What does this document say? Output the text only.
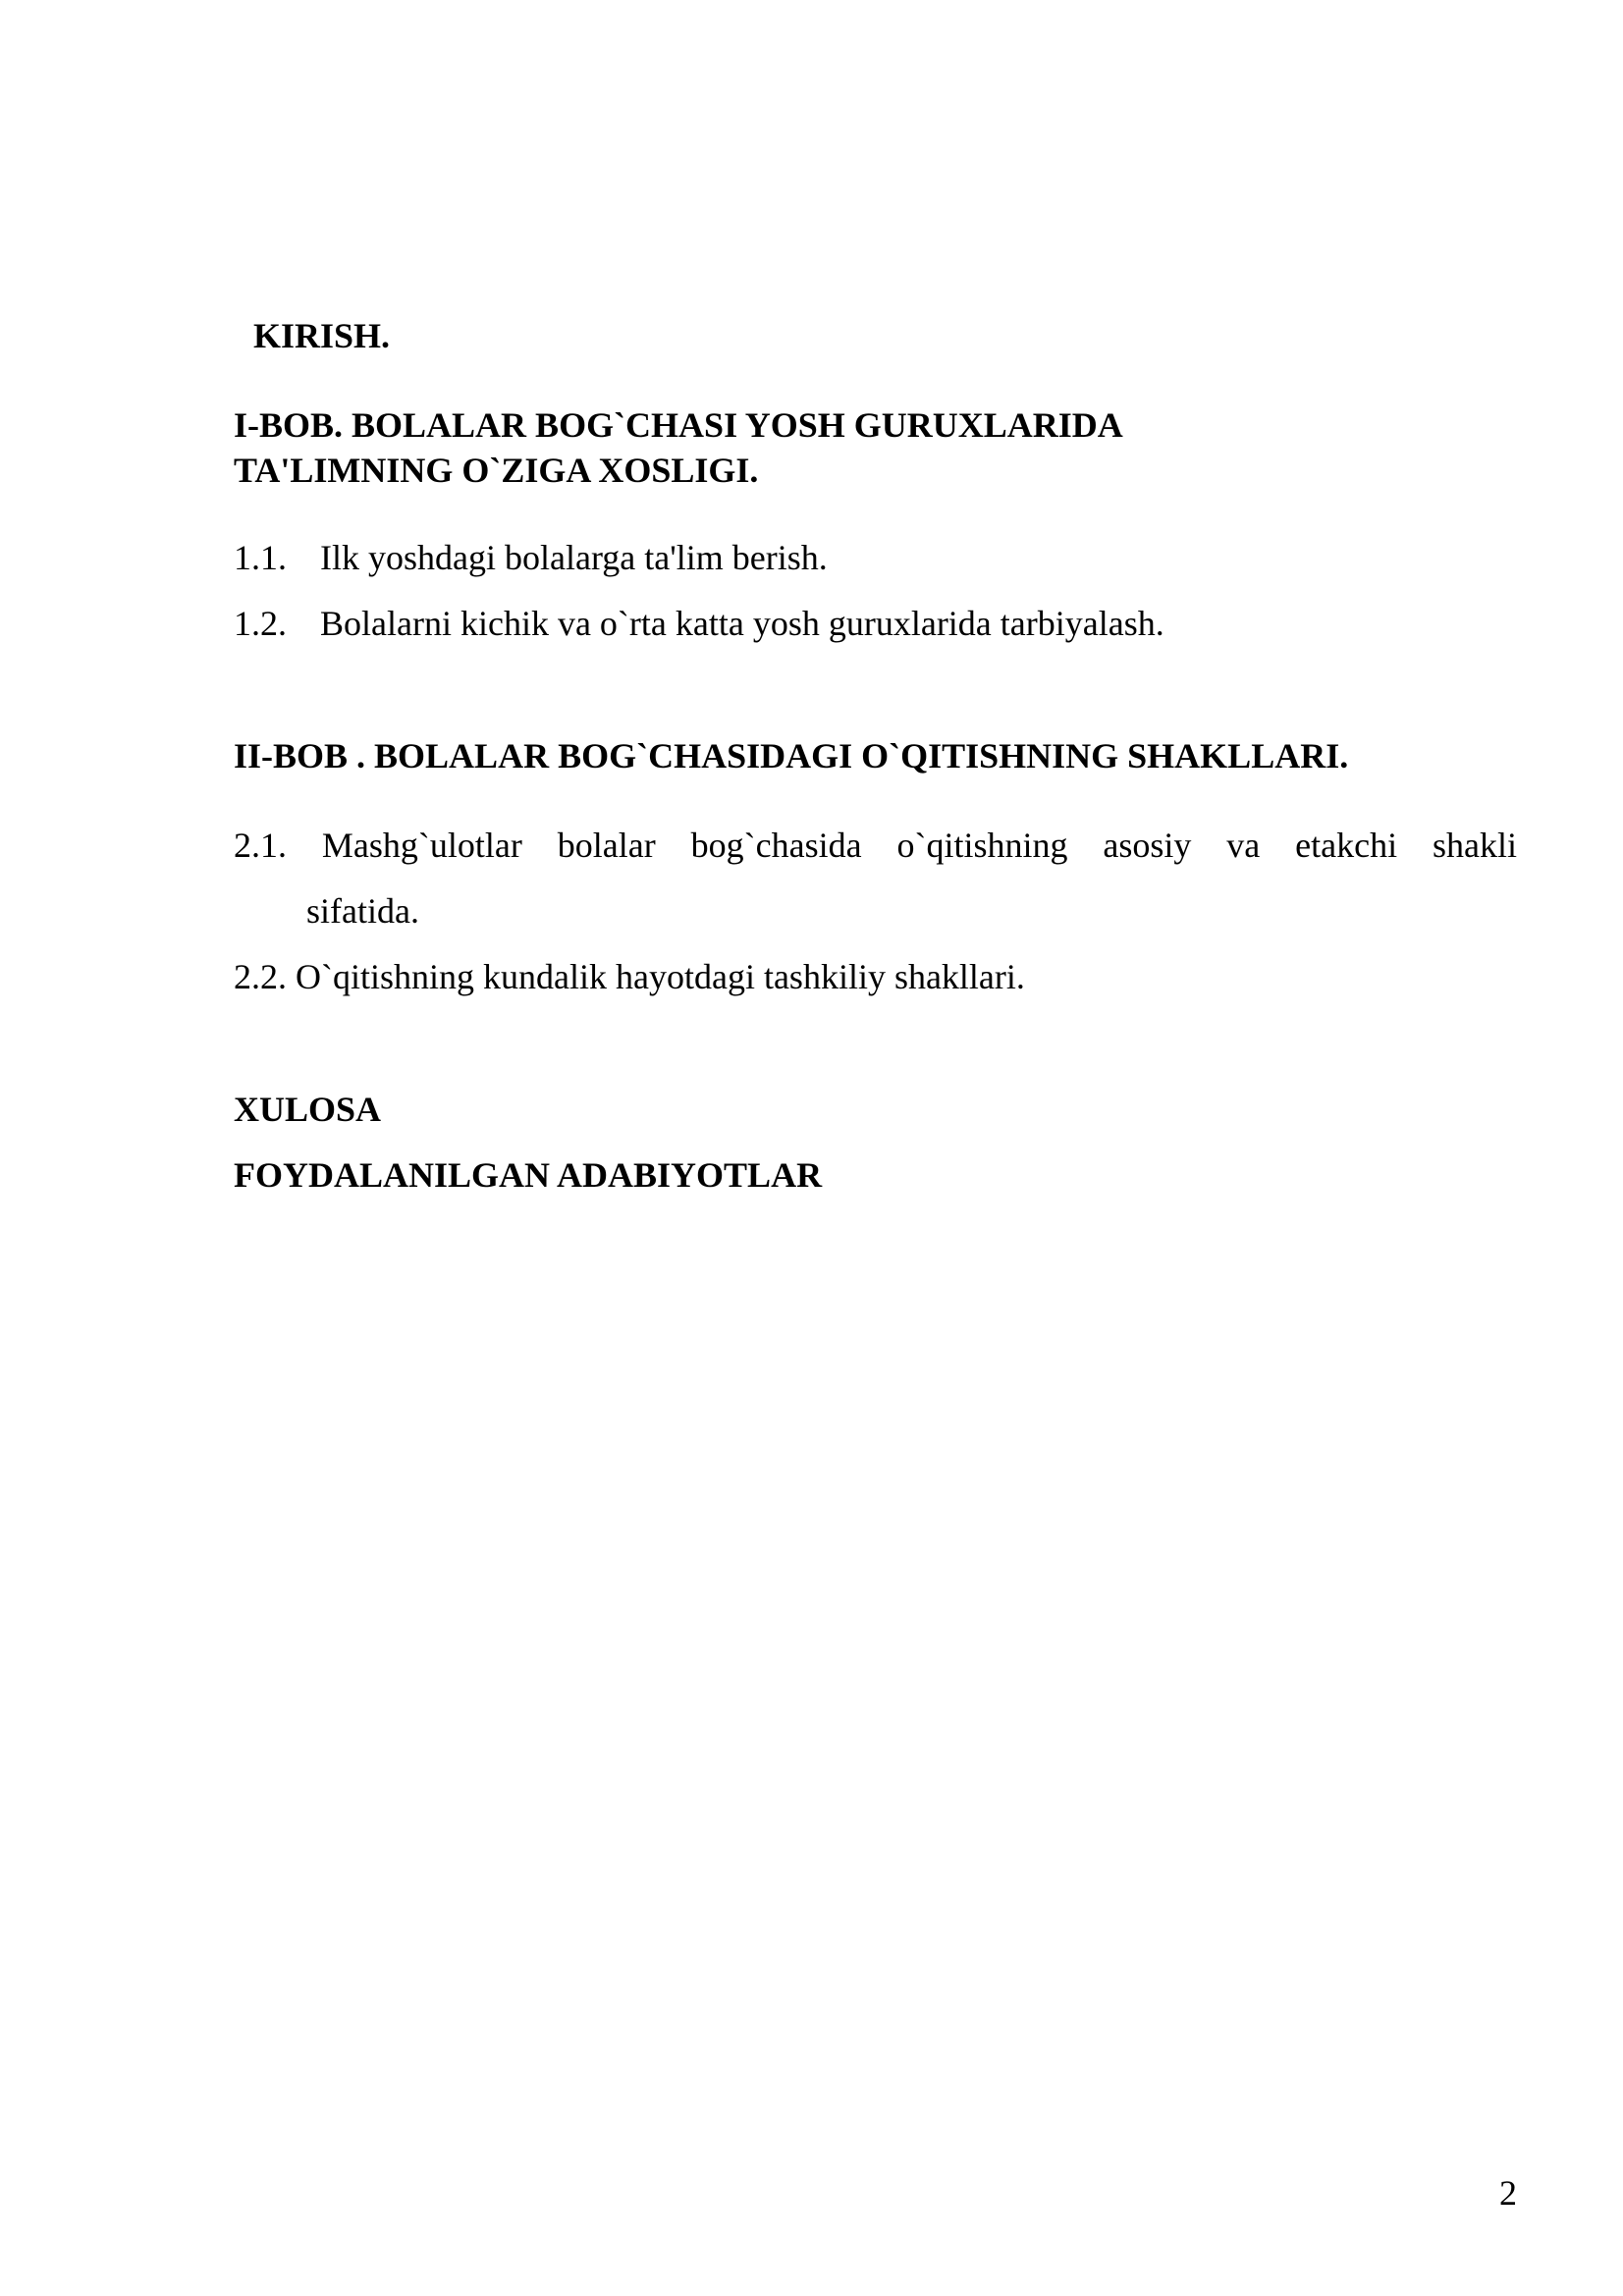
KIRISH.
I-BOB. BOLALAR BOG`CHASI YOSH GURUXLARIDA
TA'LIMNING O`ZIGA XOSLIGI.
1.1. Ilk yoshdagi bolalarga ta'lim berish.
1.2. Bolalarni kichik va o`rta katta yosh guruxlarida tarbiyalash.
II-BOB . BOLALAR BOG`CHASIDAGI O`QITISHNING SHAKLLARI.
2.1. Mashg`ulotlar bolalar bog`chasida o`qitishning asosiy va etakchi shakli
sifatida.
2.2. O`qitishning kundalik hayotdagi tashkiliy shakllari.
XULOSA
FOYDALANILGAN ADABIYOTLAR
2
